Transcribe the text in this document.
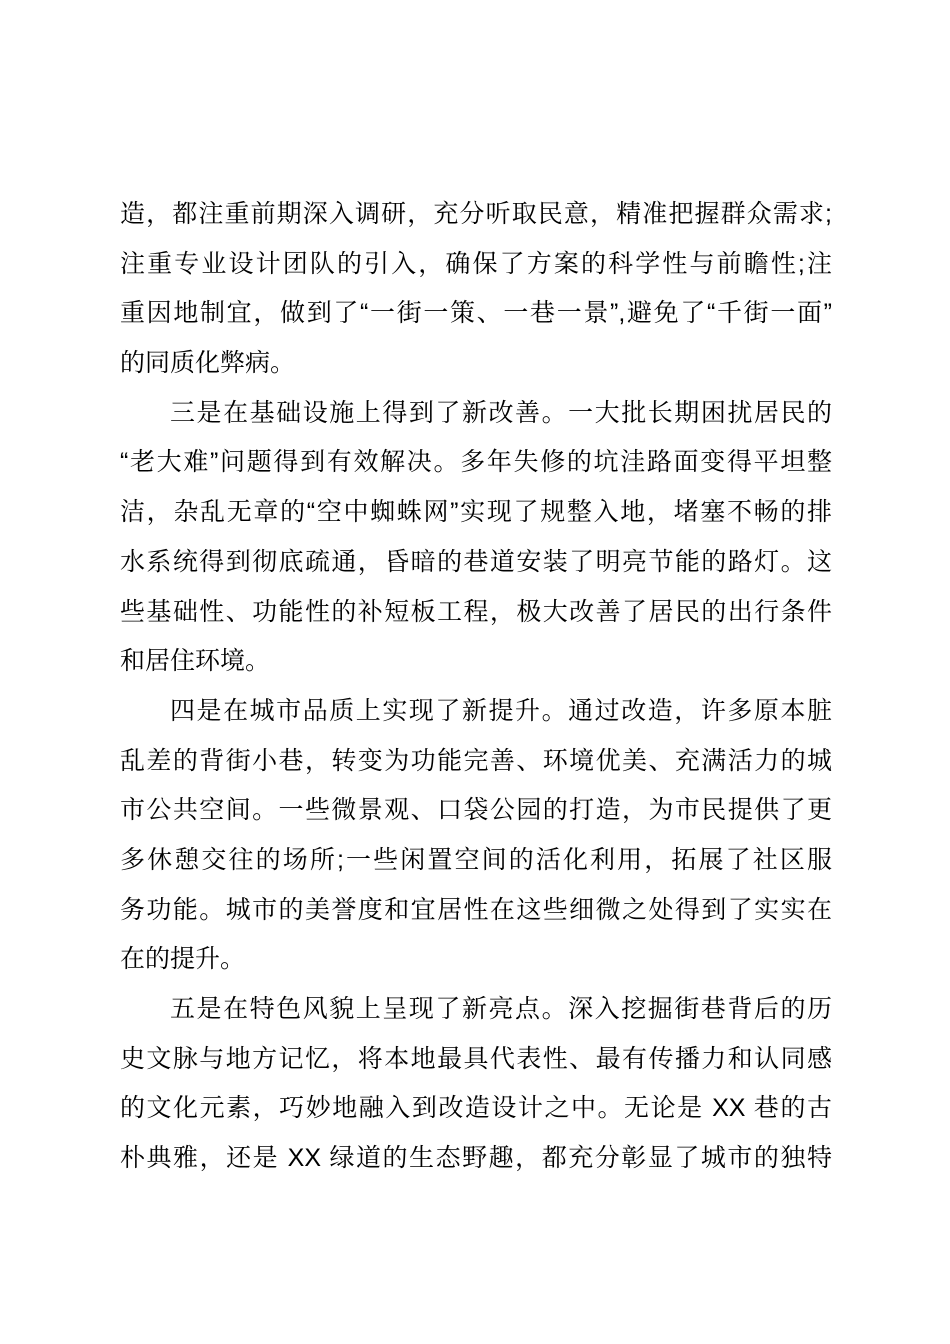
造，都注重前期深入调研，充分听取民意，精准把握群众需求;
注重专业设计团队的引入，确保了方案的科学性与前瞻性;注
重因地制宜，做到了“一街一策、一巷一景”,避免了“千街一面”
的同质化弊病。
三是在基础设施上得到了新改善。一大批长期困扰居民的
“老大难”问题得到有效解决。多年失修的坑洼路面变得平坦整
洁，杂乱无章的“空中蜘蛛网”实现了规整入地，堵塞不畅的排
水系统得到彻底疏通，昏暗的巷道安装了明亮节能的路灯。这
些基础性、功能性的补短板工程，极大改善了居民的出行条件
和居住环境。
四是在城市品质上实现了新提升。通过改造，许多原本脏
乱差的背街小巷，转变为功能完善、环境优美、充满活力的城
市公共空间。一些微景观、口袋公园的打造，为市民提供了更
多休憩交往的场所;一些闲置空间的活化利用，拓展了社区服
务功能。城市的美誉度和宜居性在这些细微之处得到了实实在
在的提升。
五是在特色风貌上呈现了新亮点。深入挖掘街巷背后的历
史文脉与地方记忆，将本地最具代表性、最有传播力和认同感
的文化元素，巧妙地融入到改造设计之中。无论是 XX 巷的古
朴典雅，还是 XX 绿道的生态野趣，都充分彰显了城市的独特
